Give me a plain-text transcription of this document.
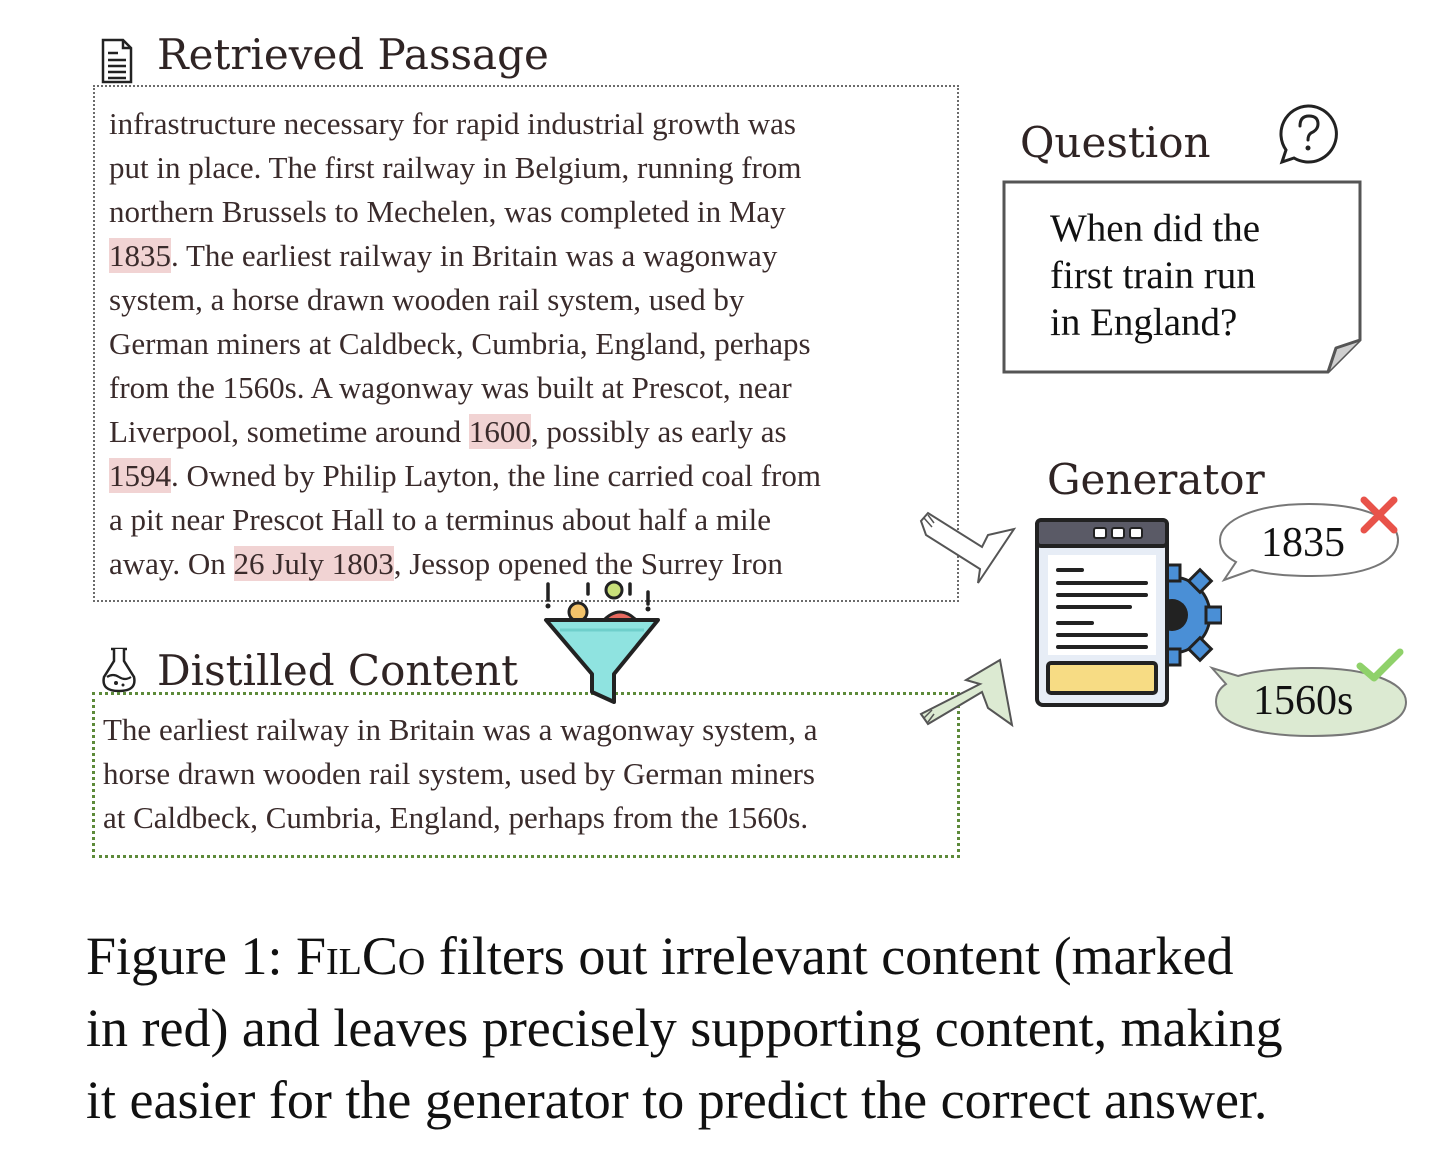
Retrieved Passage
infrastructure necessary for rapid industrial growth was
put in place. The first railway in Belgium, running from
northern Brussels to Mechelen, was completed in May
1835. The earliest railway in Britain was a wagonway
system, a horse drawn wooden rail system, used by
German miners at Caldbeck, Cumbria, England, perhaps
from the 1560s. A wagonway was built at Prescot, near
Liverpool, sometime around 1600, possibly as early as
1594. Owned by Philip Layton, the line carried coal from
a pit near Prescot Hall to a terminus about half a mile
away. On 26 July 1803, Jessop opened the Surrey Iron
Distilled Content
The earliest railway in Britain was a wagonway system, a
horse drawn wooden rail system, used by German miners
at Caldbeck, Cumbria, England, perhaps from the 1560s.
Question
When did the
first train run
in England?
Generator
1835
1560s
Figure 1: FilCo filters out irrelevant content (marked
in red) and leaves precisely supporting content, making
it easier for the generator to predict the correct answer.
